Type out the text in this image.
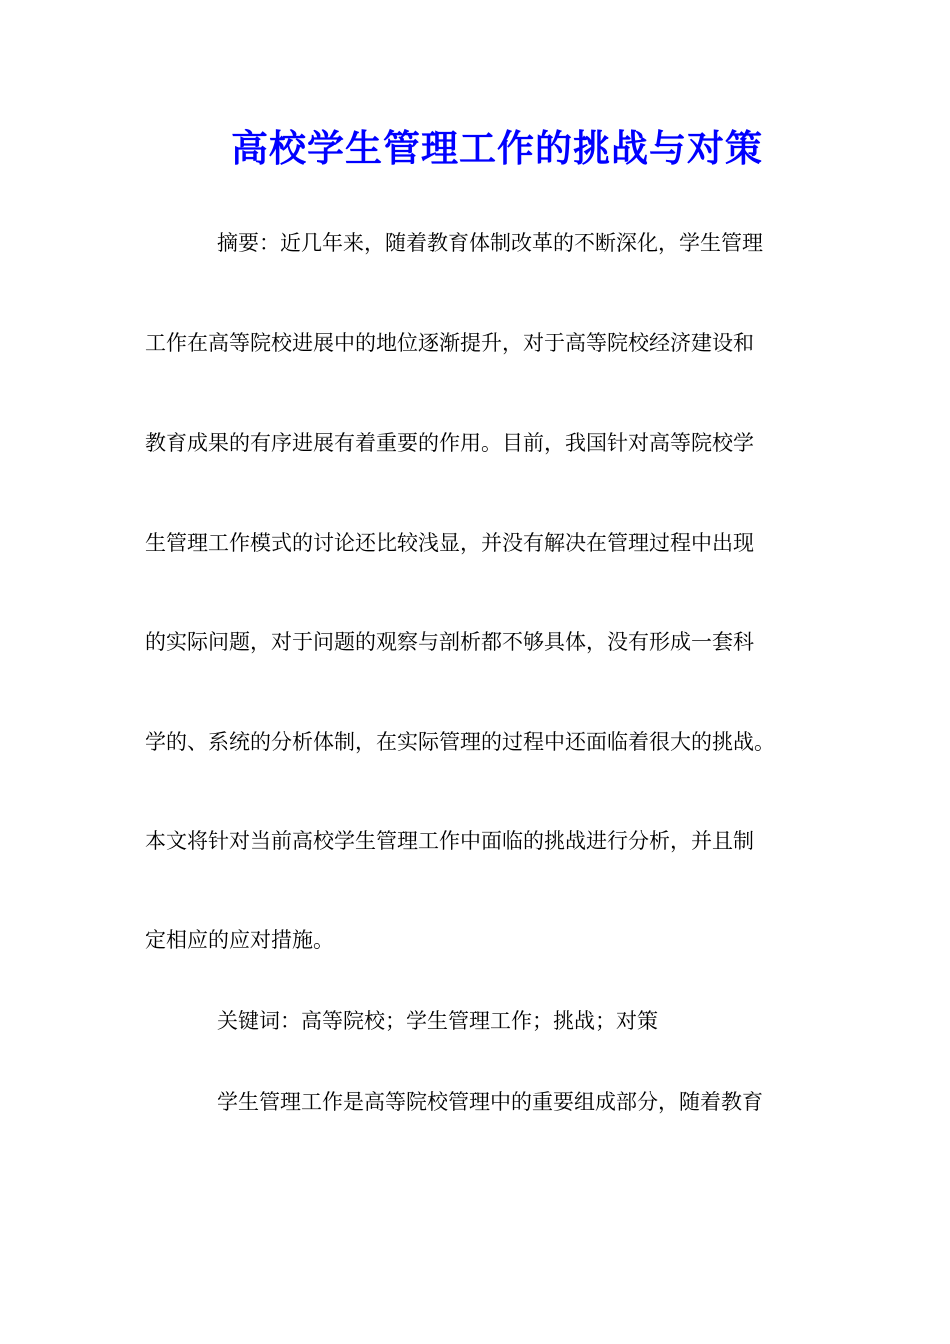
高校学生管理工作的挑战与对策

摘要：近几年来，随着教育体制改革的不断深化，学生管理

工作在高等院校进展中的地位逐渐提升，对于高等院校经济建设和

教育成果的有序进展有着重要的作用。目前，我国针对高等院校学

生管理工作模式的讨论还比较浅显，并没有解决在管理过程中出现

的实际问题，对于问题的观察与剖析都不够具体，没有形成一套科

学的、系统的分析体制，在实际管理的过程中还面临着很大的挑战。

本文将针对当前高校学生管理工作中面临的挑战进行分析，并且制

定相应的应对措施。

关键词：高等院校；学生管理工作；挑战；对策

学生管理工作是高等院校管理中的重要组成部分，随着教育
